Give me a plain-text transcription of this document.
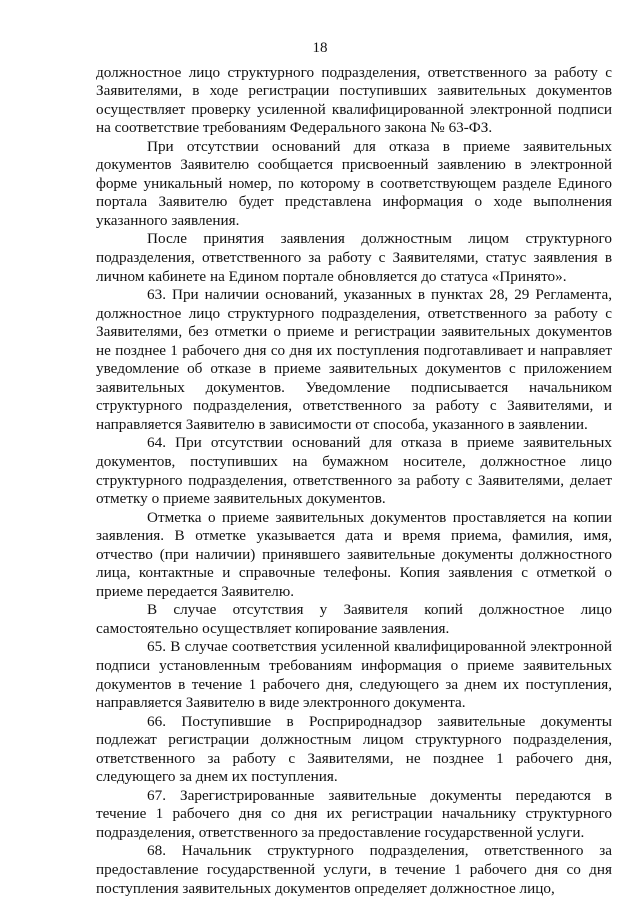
18

должностное лицо структурного подразделения, ответственного за работу с Заявителями, в ходе регистрации поступивших заявительных документов осуществляет проверку усиленной квалифицированной электронной подписи на соответствие требованиям Федерального закона № 63-ФЗ.

При отсутствии оснований для отказа в приеме заявительных документов Заявителю сообщается присвоенный заявлению в электронной форме уникальный номер, по которому в соответствующем разделе Единого портала Заявителю будет представлена информация о ходе выполнения указанного заявления.

После принятия заявления должностным лицом структурного подразделения, ответственного за работу с Заявителями, статус заявления в личном кабинете на Едином портале обновляется до статуса «Принято».

63. При наличии оснований, указанных в пунктах 28, 29 Регламента, должностное лицо структурного подразделения, ответственного за работу с Заявителями, без отметки о приеме и регистрации заявительных документов не позднее 1 рабочего дня со дня их поступления подготавливает и направляет уведомление об отказе в приеме заявительных документов с приложением заявительных документов. Уведомление подписывается начальником структурного подразделения, ответственного за работу с Заявителями, и направляется Заявителю в зависимости от способа, указанного в заявлении.

64. При отсутствии оснований для отказа в приеме заявительных документов, поступивших на бумажном носителе, должностное лицо структурного подразделения, ответственного за работу с Заявителями, делает отметку о приеме заявительных документов.

Отметка о приеме заявительных документов проставляется на копии заявления. В отметке указывается дата и время приема, фамилия, имя, отчество (при наличии) принявшего заявительные документы должностного лица, контактные и справочные телефоны. Копия заявления с отметкой о приеме передается Заявителю.

В случае отсутствия у Заявителя копий должностное лицо самостоятельно осуществляет копирование заявления.

65. В случае соответствия усиленной квалифицированной электронной подписи установленным требованиям информация о приеме заявительных документов в течение 1 рабочего дня, следующего за днем их поступления, направляется Заявителю в виде электронного документа.

66. Поступившие в Росприроднадзор заявительные документы подлежат регистрации должностным лицом структурного подразделения, ответственного за работу с Заявителями, не позднее 1 рабочего дня, следующего за днем их поступления.

67. Зарегистрированные заявительные документы передаются в течение 1 рабочего дня со дня их регистрации начальнику структурного подразделения, ответственного за предоставление государственной услуги.

68. Начальник структурного подразделения, ответственного за предоставление государственной услуги, в течение 1 рабочего дня со дня поступления заявительных документов определяет должностное лицо,
